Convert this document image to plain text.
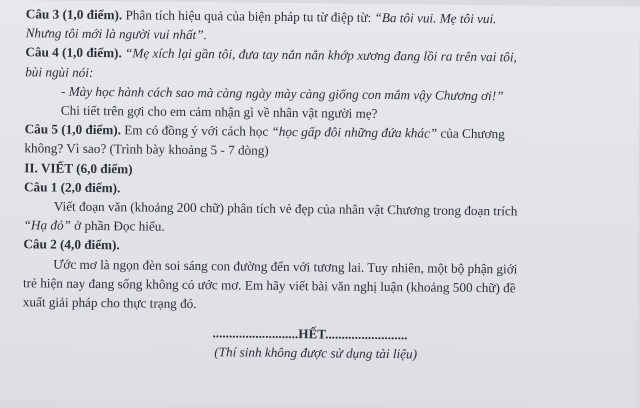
Câu 3 (1,0 điểm). Phân tích hiệu quả của biện pháp tu từ điệp từ: “Ba tôi vui. Mẹ tôi vui.

Nhưng tôi mới là người vui nhất”.

Câu 4 (1,0 điểm). “Mẹ xích lại gần tôi, đưa tay nắn nắn khớp xương đang lồi ra trên vai tôi,

bùi ngùi nói:

- Mày học hành cách sao mà càng ngày mày càng giống con mắm vậy Chương ơi!”

Chi tiết trên gợi cho em cảm nhận gì về nhân vật người mẹ?

Câu 5 (1,0 điểm). Em có đồng ý với cách học “học gấp đôi những đứa khác” của Chương

không? Vì sao? (Trình bày khoảng 5 - 7 dòng)

II. VIẾT (6,0 điểm)

Câu 1 (2,0 điểm).

Viết đoạn văn (khoảng 200 chữ) phân tích vẻ đẹp của nhân vật Chương trong đoạn trích

“Hạ đỏ” ở phần Đọc hiểu.

Câu 2 (4,0 điểm).

Ước mơ là ngọn đèn soi sáng con đường đến với tương lai. Tuy nhiên, một bộ phận giới

trẻ hiện nay đang sống không có ước mơ. Em hãy viết bài văn nghị luận (khoảng 500 chữ) đề

xuất giải pháp cho thực trạng đó.

..........................HẾT.........................

(Thí sinh không được sử dụng tài liệu)
